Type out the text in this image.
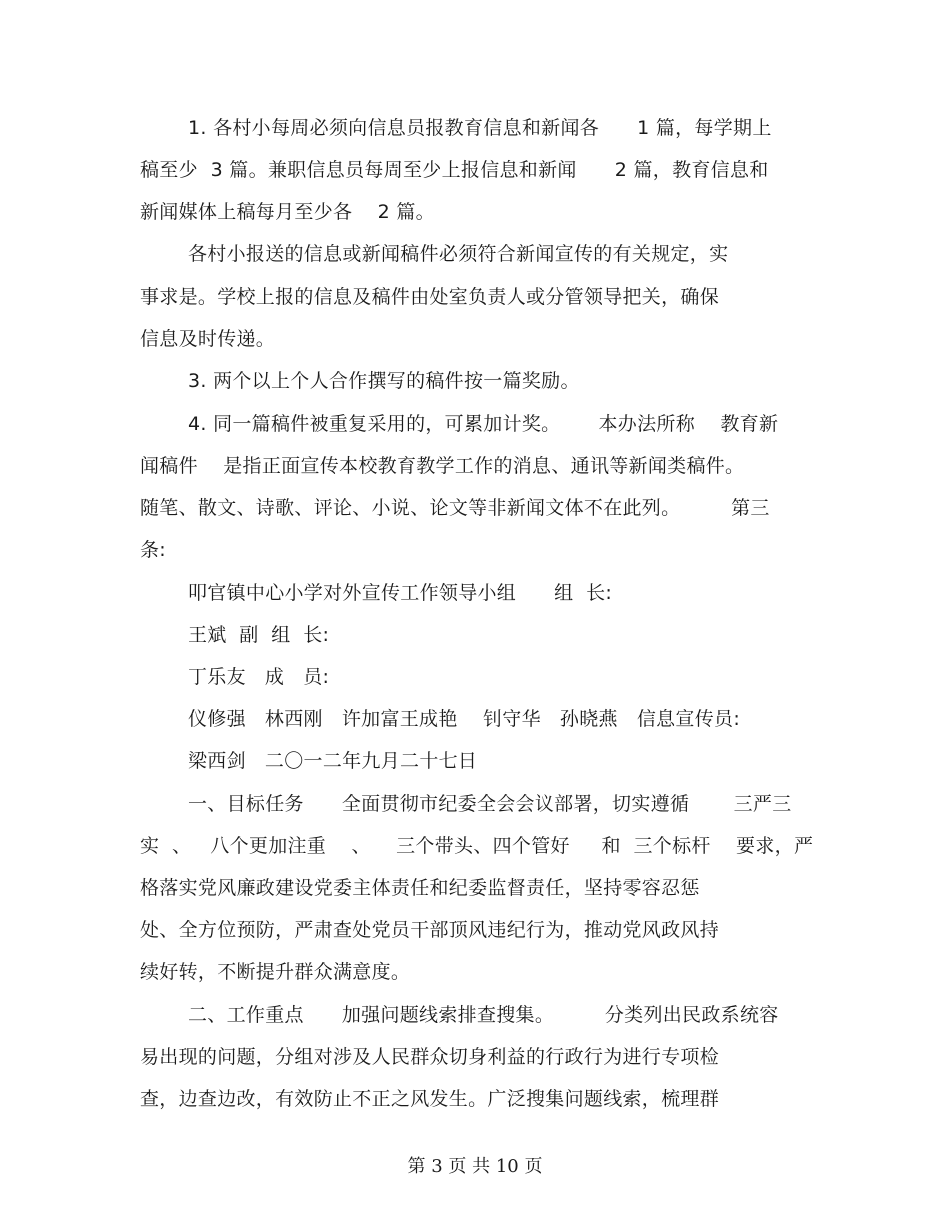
1. 各村小每周必须向信息员报教育信息和新闻各      1 篇，每学期上
稿至少  3 篇。兼职信息员每周至少上报信息和新闻      2 篇，教育信息和
新闻媒体上稿每月至少各    2 篇。
各村小报送的信息或新闻稿件必须符合新闻宣传的有关规定，实
事求是。学校上报的信息及稿件由处室负责人或分管领导把关，确保
信息及时传递。
3. 两个以上个人合作撰写的稿件按一篇奖励。
4. 同一篇稿件被重复采用的，可累加计奖。      本办法所称    教育新
闻稿件    是指正面宣传本校教育教学工作的消息、通讯等新闻类稿件。
随笔、散文、诗歌、评论、小说、论文等非新闻文体不在此列。        第三
条:
叩官镇中心小学对外宣传工作领导小组      组  长:
王斌  副  组  长:
丁乐友   成   员:
仪修强   林西刚   许加富王成艳    钊守华   孙晓燕   信息宣传员:
梁西剑   二〇一二年九月二十七日
一、目标任务      全面贯彻市纪委全会会议部署，切实遵循       三严三
实  、   八个更加注重    、    三个带头、四个管好     和  三个标杆    要求，严
格落实党风廉政建设党委主体责任和纪委监督责任，坚持零容忍惩
处、全方位预防，严肃查处党员干部顶风违纪行为，推动党风政风持
续好转，不断提升群众满意度。
二、工作重点      加强问题线索排查搜集。        分类列出民政系统容
易出现的问题，分组对涉及人民群众切身利益的行政行为进行专项检
查，边查边改，有效防止不正之风发生。广泛搜集问题线索，梳理群
第 3 页 共 10 页
